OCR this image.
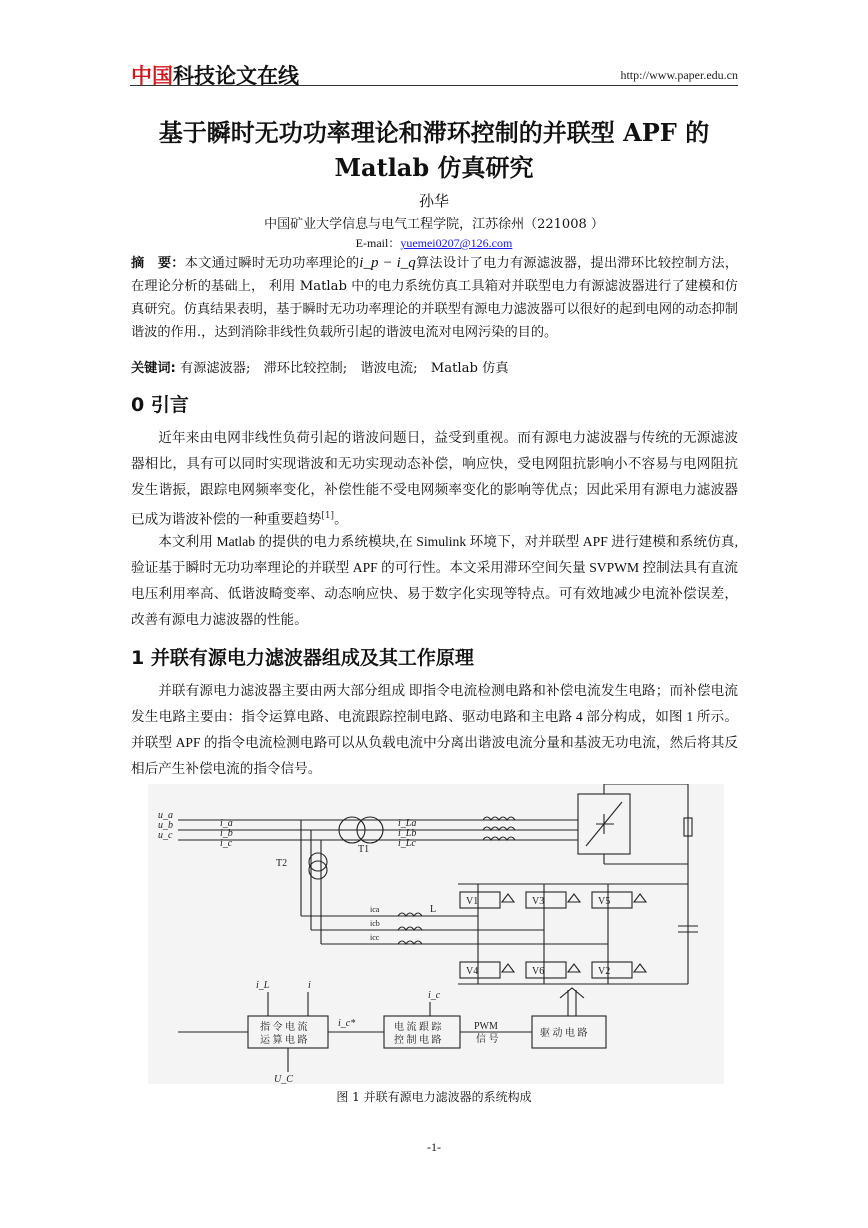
中国科技论文在线	http://www.paper.edu.cn
基于瞬时无功功率理论和滞环控制的并联型 APF 的
Matlab 仿真研究
孙华
中国矿业大学信息与电气工程学院，江苏徐州（221008 ）
E-mail：yuemei0207@126.com
摘　要：本文通过瞬时无功功率理论的i_p − i_q算法设计了电力有源滤波器，提出滞环比较控制方法， 在理论分析的基础上， 利用 Matlab 中的电力系统仿真工具箱对并联型电力有源滤波器进行了建模和仿真研究。仿真结果表明，基于瞬时无功功率理论的并联型有源电力滤波器可以很好的起到电网的动态抑制谐波的作用.，达到消除非线性负载所引起的谐波电流对电网污染的目的。
关键词: 有源滤波器;　滞环比较控制;　谐波电流;　Matlab 仿真
0 引言
近年来由电网非线性负荷引起的谐波问题日，益受到重视。而有源电力滤波器与传统的无源滤波器相比，具有可以同时实现谐波和无功实现动态补偿，响应快，受电网阻抗影响小不容易与电网阻抗发生谐振，跟踪电网频率变化，补偿性能不受电网频率变化的影响等优点；因此采用有源电力滤波器已成为谐波补偿的一种重要趋势[1]。
本文利用 Matlab 的提供的电力系统模块,在 Simulink 环境下，对并联型 APF 进行建模和系统仿真,验证基于瞬时无功功率理论的并联型 APF 的可行性。本文采用滞环空间矢量 SVPWM 控制法具有直流电压利用率高、低谐波畸变率、动态响应快、易于数字化实现等特点。可有效地减少电流补偿误差，改善有源电力滤波器的性能。
1 并联有源电力滤波器组成及其工作原理
并联有源电力滤波器主要由两大部分组成 即指令电流检测电路和补偿电流发生电路；而补偿电流发生电路主要由：指令运算电路、电流跟踪控制电路、驱动电路和主电路 4 部分构成，如图 1 所示。并联型 APF 的指令电流检测电路可以从负载电流中分离出谐波电流分量和基波无功电流，然后将其反相后产生补偿电流的指令信号。
u_a
u_b
u_c
i_a
i_b
i_c
i_La
i_Lb
i_Lc
i_L	i
i_c
i_c*
U_C
T1
T2
ica
icb
icc
L
V1	V3	V5
V4	V6	V2
指 令 电 流
运 算 电 路
电 流 跟 踪
控 制 电 路
PWM
信 号
驱 动 电 路
图 1 并联有源电力滤波器的系统构成
-1-
